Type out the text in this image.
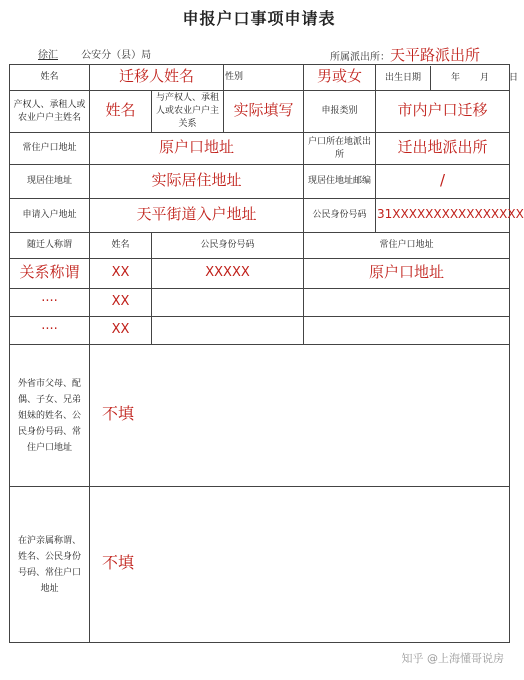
申报户口事项申请表
徐汇 公安分（县）局	所属派出所：天平路派出所
姓名	迁移人姓名		性别	男或女	出生日期 年 月 日
产权人、承租人或农业户户主姓名	姓名	与产权人、承租人或农业户户主关系	实际填写	申报类别	市内户口迁移
常住户口地址	原户口地址			户口所在地派出所	迁出地派出所
现居住地址	实际居住地址			现居住地址邮编	/
申请入户地址	天平街道入户地址			公民身份号码	31XXXXXXXXXXXXXXXX
随迁人称谓	姓名	公民身份号码		常住户口地址	
关系称谓	XX	XXXXX		原户口地址	
····	XX				
····	XX				
外省市父母、配偶、子女、兄弟姐妹的姓名、公民身份号码、常住户口地址	不填				
在沪亲属称谓、姓名、公民身份号码、常住户口地址	不填				
知乎 @上海懂哥说房
